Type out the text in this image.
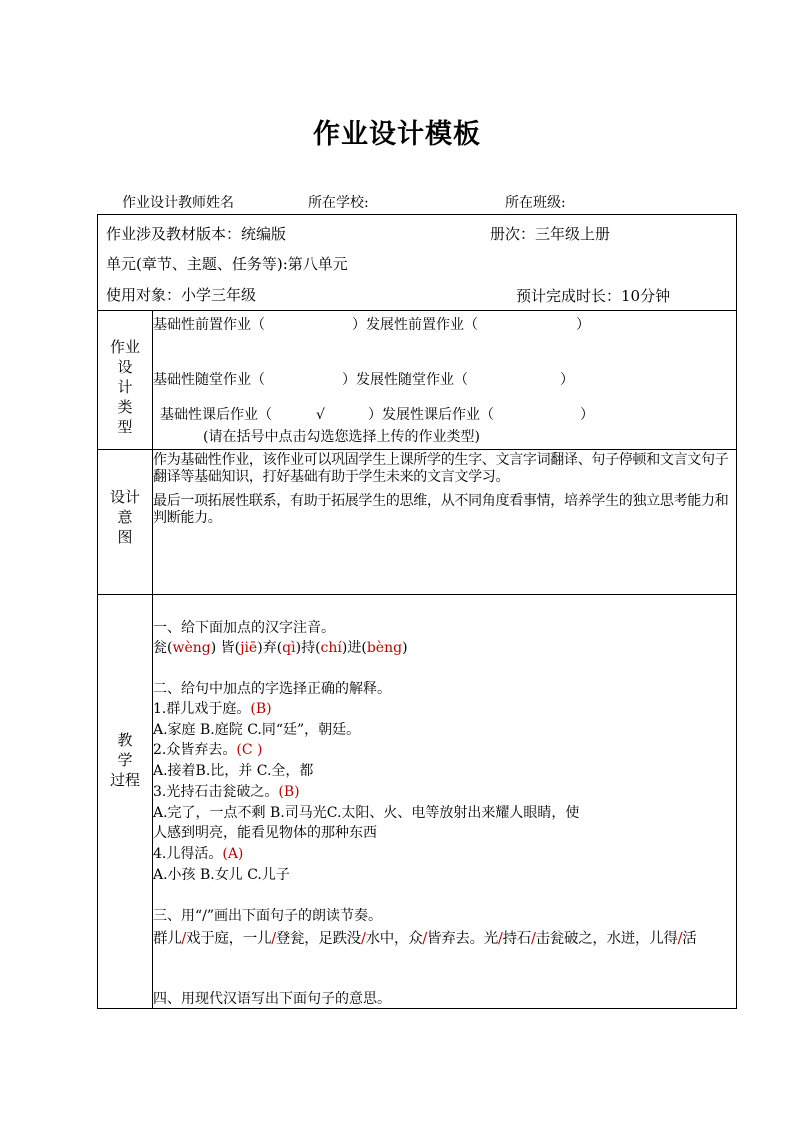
作业设计模板
作业设计教师姓名	所在学校:	所在班级:
作业涉及教材版本：统编版	册次：三年级上册
单元(章节、主题、任务等):第八单元
使用对象：小学三年级	预计完成时长：10分钟
作业
设
计
类
型
基础性前置作业（	）发展性前置作业（	）
基础性随堂作业（	）发展性随堂作业（	）
基础性课后作业（	√	）发展性课后作业（	）
(请在括号中点击勾选您选择上传的作业类型)
设计
意
图
作为基础性作业，该作业可以巩固学生上课所学的生字、文言字词翻译、句子停顿和文言文句子翻译等基础知识，打好基础有助于学生未来的文言文学习。
最后一项拓展性联系，有助于拓展学生的思维，从不同角度看事情，培养学生的独立思考能力和判断能力。
教
学
过程
一、给下面加点的汉字注音。
瓮(wèng) 皆(jiē)弃(qì)持(chí)进(bèng)
二、给句中加点的字选择正确的解释。
1.群儿戏于庭。(B)
A.家庭 B.庭院 C.同“廷”，朝廷。
2.众皆弃去。(C )
A.接着B.比，并 C.全，都
3.光持石击瓮破之。(B)
A.完了，一点不剩 B.司马光C.太阳、火、电等放射出来耀人眼睛，使
人感到明亮，能看见物体的那种东西
4.儿得活。(A)
A.小孩 B.女儿 C.儿子
三、用“/”画出下面句子的朗读节奏。
群儿/戏于庭，一儿/登瓮，足跌没/水中，众/皆弃去。光/持石/击瓮破之，水迸，儿得/活
四、用现代汉语写出下面句子的意思。
